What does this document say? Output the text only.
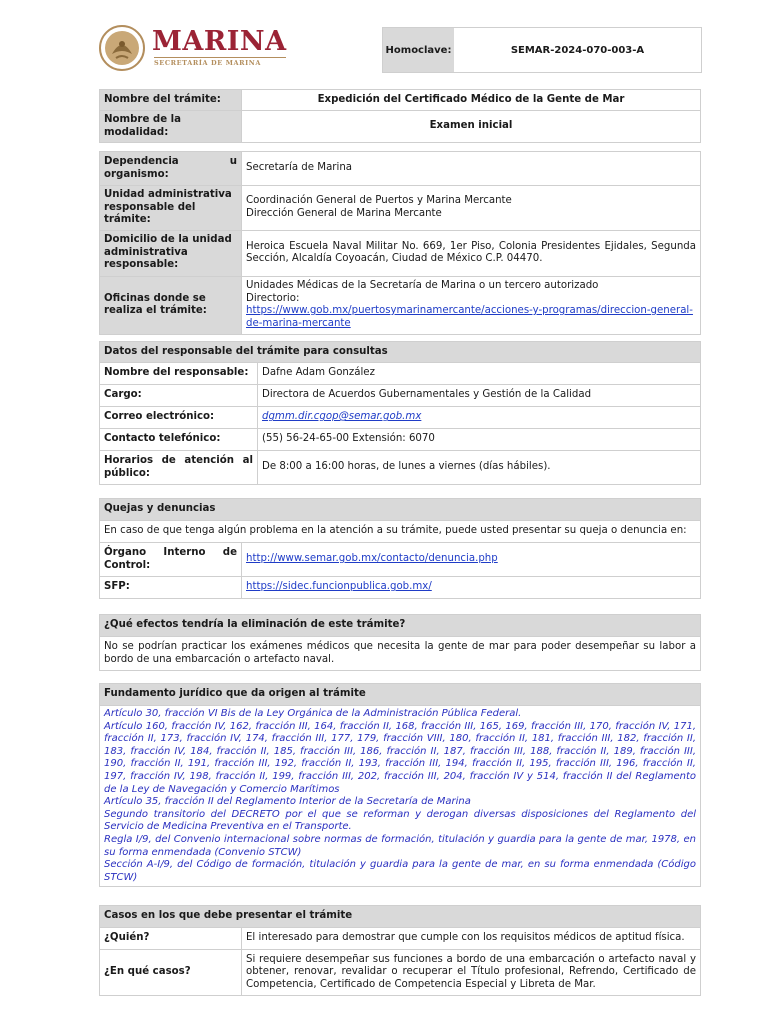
MARINA
SECRETARÍA DE MARINA
Homoclave:	SEMAR-2024-070-003-A
Nombre del trámite:	Expedición del Certificado Médico de la Gente de Mar
Nombre de la modalidad:	Examen inicial
Dependencia u organismo:	Secretaría de Marina
Unidad administrativa responsable del trámite:	Coordinación General de Puertos y Marina Mercante
Dirección General de Marina Mercante

Domicilio de la unidad administrativa responsable:	Heroica Escuela Naval Militar No. 669, 1er Piso, Colonia Presidentes Ejidales, Segunda Sección, Alcaldía Coyoacán, Ciudad de México C.P. 04470.
Oficinas donde se realiza el trámite:	Unidades Médicas de la Secretaría de Marina o un tercero autorizado
Directorio:
https://www.gob.mx/puertosymarinamercante/acciones-y-programas/direccion-general-de-marina-mercante
Datos del responsable del trámite para consultas	
Nombre del responsable:	Dafne Adam González
Cargo:	Directora de Acuerdos Gubernamentales y Gestión de la Calidad
Correo electrónico:	dgmm.dir.cgop@semar.gob.mx
Contacto telefónico:	(55) 56-24-65-00 Extensión: 6070
Horarios de atención al público:	De 8:00 a 16:00 horas, de lunes a viernes (días hábiles).
Quejas y denuncias	
En caso de que tenga algún problema en la atención a su trámite, puede usted presentar su queja o denuncia en:	
Órgano Interno de Control:	http://www.semar.gob.mx/contacto/denuncia.php
SFP:	https://sidec.funcionpublica.gob.mx/
¿Qué efectos tendría la eliminación de este trámite?
No se podrían practicar los exámenes médicos que necesita la gente de mar para poder desempeñar su labor a bordo de una embarcación o artefacto naval.
Fundamento jurídico que da origen al trámite

Artículo 30, fracción VI Bis de la Ley Orgánica de la Administración Pública Federal.
Artículo 160, fracción IV, 162, fracción III, 164, fracción II, 168, fracción III, 165, 169, fracción III, 170, fracción IV, 171, fracción II, 173, fracción IV, 174, fracción III, 177, 179, fracción VIII, 180, fracción II, 181, fracción III, 182, fracción II, 183, fracción IV, 184, fracción II, 185, fracción III, 186, fracción II, 187, fracción III, 188, fracción II, 189, fracción III, 190, fracción II, 191, fracción III, 192, fracción II, 193, fracción III, 194, fracción II, 195, fracción III, 196, fracción II, 197, fracción IV, 198, fracción II, 199, fracción III, 202, fracción III, 204, fracción IV y 514, fracción II del Reglamento de la Ley de Navegación y Comercio Marítimos
Artículo 35, fracción II del Reglamento Interior de la Secretaría de Marina
Segundo transitorio del DECRETO por el que se reforman y derogan diversas disposiciones del Reglamento del Servicio de Medicina Preventiva en el Transporte.
Regla I/9, del Convenio internacional sobre normas de formación, titulación y guardia para la gente de mar, 1978, en su forma enmendada (Convenio STCW)
Sección A-I/9, del Código de formación, titulación y guardia para la gente de mar, en su forma enmendada (Código STCW)
Casos en los que debe presentar el trámite	
¿Quién?	El interesado para demostrar que cumple con los requisitos médicos de aptitud física.
¿En qué casos?	Si requiere desempeñar sus funciones a bordo de una embarcación o artefacto naval y obtener, renovar, revalidar o recuperar el Título profesional, Refrendo, Certificado de Competencia, Certificado de Competencia Especial y Libreta de Mar.
